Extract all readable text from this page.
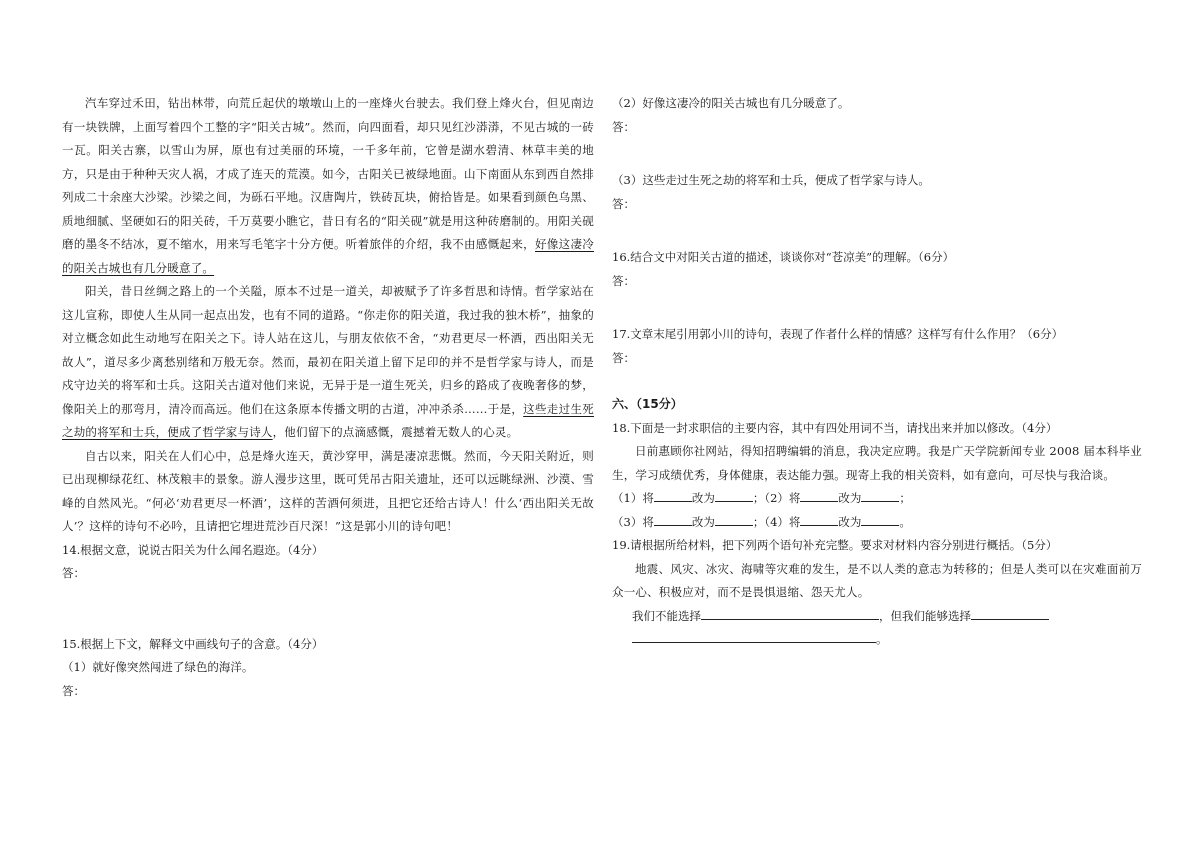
汽车穿过禾田，钻出林带，向荒丘起伏的墩墩山上的一座烽火台驶去。我们登上烽火台，但见南边有一块铁牌，上面写着四个工整的字“阳关古城”。然而，向四面看，却只见红沙漭漭，不见古城的一砖一瓦。阳关古寨，以雪山为屏，原也有过美丽的环境，一千多年前，它曾是湖水碧清、林草丰美的地方，只是由于种种天灾人祸，才成了连天的荒漠。如今，古阳关已被绿地面。山下南面从东到西自然排列成二十余座大沙梁。沙梁之间，为砾石平地。汉唐陶片，铁砖瓦块，俯拾皆是。如果看到颜色乌黑、质地细腻、坚硬如石的阳关砖，千万莫要小瞧它，昔日有名的“阳关砚”就是用这种砖磨制的。用阳关砚磨的墨冬不结冰，夏不缩水，用来写毛笔字十分方便。听着旅伴的介绍，我不由感慨起来，好像这凄冷的阳关古城也有几分暖意了。

阳关，昔日丝绸之路上的一个关隘，原本不过是一道关，却被赋予了许多哲思和诗情。哲学家站在这儿宣称，即使人生从同一起点出发，也有不同的道路。“你走你的阳关道，我过我的独木桥”，抽象的对立概念如此生动地写在阳关之下。诗人站在这儿，与朋友依依不舍，“劝君更尽一杯酒，西出阳关无故人”，道尽多少离愁别绪和万般无奈。然而，最初在阳关道上留下足印的并不是哲学家与诗人，而是戍守边关的将军和士兵。这阳关古道对他们来说，无异于是一道生死关，归乡的路成了夜晚奢侈的梦，像阳关上的那弯月，清冷而高远。他们在这条原本传播文明的古道，冲冲杀杀……于是，这些走过生死之劫的将军和士兵，便成了哲学家与诗人，他们留下的点滴感慨，震撼着无数人的心灵。

自古以来，阳关在人们心中，总是烽火连天，黄沙穿甲，满是凄凉悲慨。然而，今天阳关附近，则已出现柳绿花红、林茂粮丰的景象。游人漫步这里，既可凭吊古阳关遗址，还可以远眺绿洲、沙漠、雪峰的自然风光。“何必‘劝君更尽一杯酒’，这样的苦酒何须进，且把它还给古诗人！什么‘西出阳关无故人’？这样的诗句不必吟，且请把它埋进荒沙百尺深！”这是郭小川的诗句吧！

14.根据文意，说说古阳关为什么闻名遐迩。（4分）

答：

15.根据上下文，解释文中画线句子的含意。（4分）

（1）就好像突然闯进了绿色的海洋。

答：

（2）好像这凄冷的阳关古城也有几分暖意了。

答：

（3）这些走过生死之劫的将军和士兵，便成了哲学家与诗人。

答：

16.结合文中对阳关古道的描述，谈谈你对“苍凉美”的理解。（6分）

答：

17.文章末尾引用郭小川的诗句，表现了作者什么样的情感？这样写有什么作用？（6分）

答：

六、（15分）

18.下面是一封求职信的主要内容，其中有四处用词不当，请找出来并加以修改。（4分）

日前惠顾你社网站，得知招聘编辑的消息，我决定应聘。我是广天学院新闻专业 2008 届本科毕业生，学习成绩优秀，身体健康，表达能力强。现寄上我的相关资料，如有意向，可尽快与我洽谈。

（1）将	改为	；（2）将	改为	；

（3）将	改为	；（4）将	改为	。

19.请根据所给材料，把下列两个语句补充完整。要求对材料内容分别进行概括。（5分）

地震、风灾、冰灾、海啸等灾难的发生，是不以人类的意志为转移的；但是人类可以在灾难面前万众一心、积极应对，而不是畏惧退缩、怨天尤人。

我们不能选择	，但我们能够选择

。
